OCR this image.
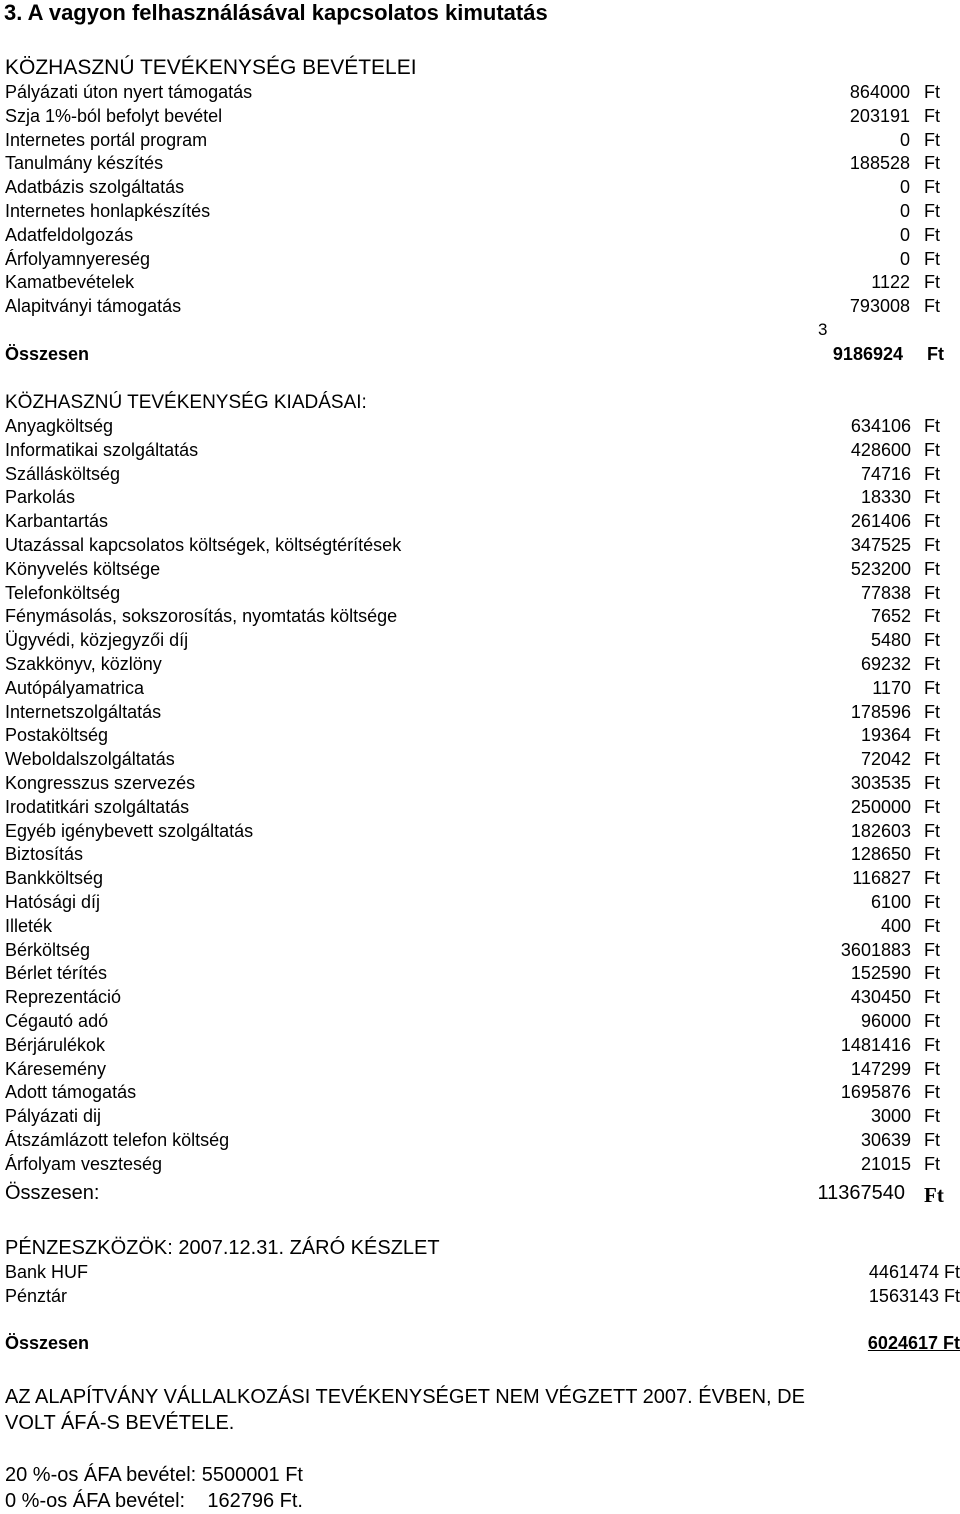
3. A vagyon felhasználásával kapcsolatos kimutatás
KÖZHASZNÚ TEVÉKENYSÉG BEVÉTELEI
Pályázati úton nyert támogatás	864000 Ft
Szja 1%-ból befolyt bevétel	203191 Ft
Internetes portál program	0 Ft
Tanulmány készítés	188528 Ft
Adatbázis szolgáltatás	0 Ft
Internetes honlapkészítés	0 Ft
Adatfeldolgozás	0 Ft
Árfolyamnyereség	0 Ft
Kamatbevételek	1122 Ft
Alapitványi támogatás	793008 Ft
3
Összesen	9186924 Ft
KÖZHASZNÚ TEVÉKENYSÉG KIADÁSAI:
Anyagköltség	634106 Ft
Informatikai szolgáltatás	428600 Ft
Szállásköltség	74716 Ft
Parkolás	18330 Ft
Karbantartás	261406 Ft
Utazással kapcsolatos költségek, költségtérítések	347525 Ft
Könyvelés költsége	523200 Ft
Telefonköltség	77838 Ft
Fénymásolás, sokszorosítás, nyomtatás költsége	7652 Ft
Ügyvédi, közjegyzői díj	5480 Ft
Szakkönyv, közlöny	69232 Ft
Autópályamatrica	1170 Ft
Internetszolgáltatás	178596 Ft
Postaköltség	19364 Ft
Weboldalszolgáltatás	72042 Ft
Kongresszus szervezés	303535 Ft
Irodatitkári szolgáltatás	250000 Ft
Egyéb igénybevett szolgáltatás	182603 Ft
Biztosítás	128650 Ft
Bankköltség	116827 Ft
Hatósági díj	6100 Ft
Illeték	400 Ft
Bérköltség	3601883 Ft
Bérlet térítés	152590 Ft
Reprezentáció	430450 Ft
Cégautó adó	96000 Ft
Bérjárulékok	1481416 Ft
Káresemény	147299 Ft
Adott támogatás	1695876 Ft
Pályázati dij	3000 Ft
Átszámlázott telefon költség	30639 Ft
Árfolyam veszteség	21015 Ft
Összesen:	11367540 Ft
PÉNZESZKÖZÖK: 2007.12.31. ZÁRÓ KÉSZLET
Bank HUF	4461474 Ft
Pénztár	1563143 Ft
Összesen	6024617 Ft
AZ ALAPÍTVÁNY VÁLLALKOZÁSI TEVÉKENYSÉGET NEM VÉGZETT 2007. ÉVBEN, DE
VOLT ÁFÁ-S BEVÉTELE.
20 %-os ÁFA bevétel: 5500001 Ft
0 %-os ÁFA bevétel:    162796 Ft.
